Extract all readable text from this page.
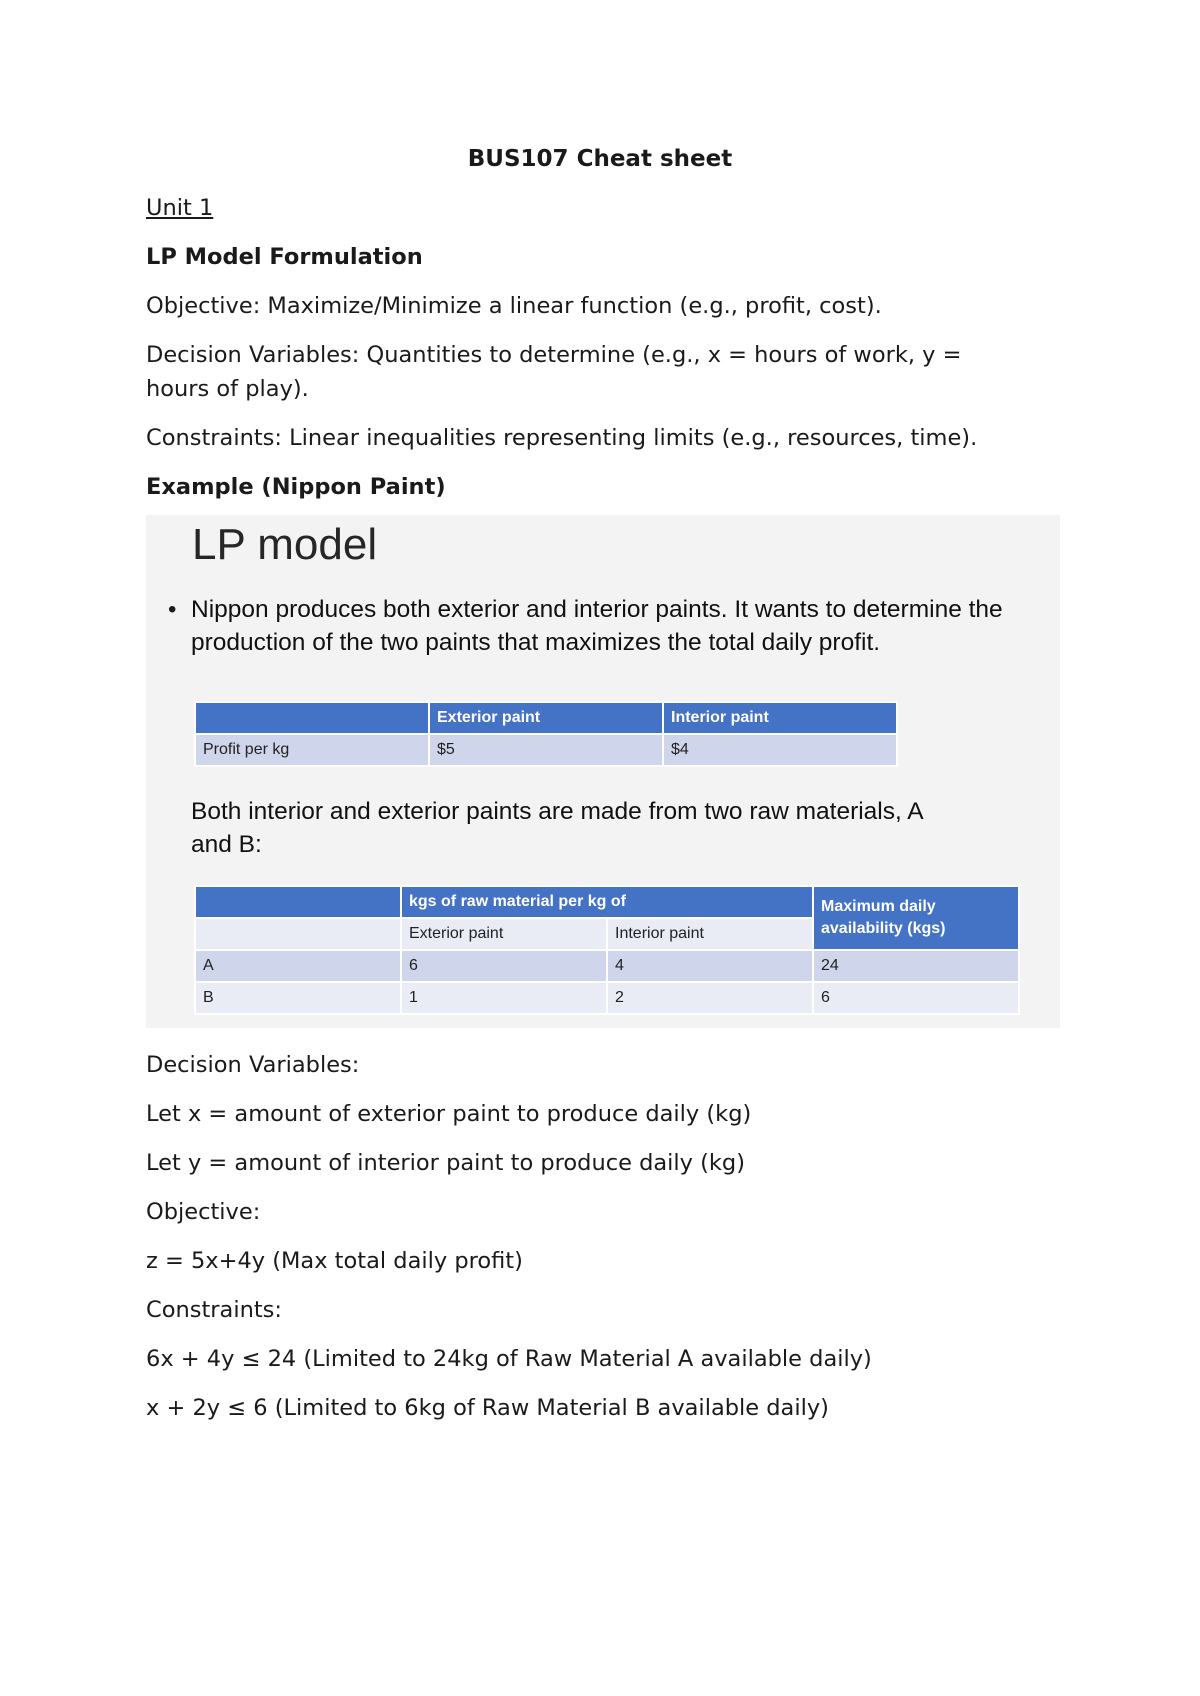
BUS107 Cheat sheet
Unit 1
LP Model Formulation
Objective: Maximize/Minimize a linear function (e.g., profit, cost).
Decision Variables: Quantities to determine (e.g., x = hours of work, y =
hours of play).
Constraints: Linear inequalities representing limits (e.g., resources, time).
Example (Nippon Paint)
LP model
• Nippon produces both exterior and interior paints. It wants to determine the production of the two paints that maximizes the total daily profit.
	Exterior paint	Interior paint
Profit per kg	$5	$4
Both interior and exterior paints are made from two raw materials, A and B:
	kgs of raw material per kg of		Maximum daily availability (kgs)
	Exterior paint	Interior paint	
A	6	4	24
B	1	2	6
Decision Variables:
Let x = amount of exterior paint to produce daily (kg)
Let y = amount of interior paint to produce daily (kg)
Objective:
z = 5x+4y (Max total daily profit)
Constraints:
6x + 4y ≤ 24 (Limited to 24kg of Raw Material A available daily)
x + 2y ≤ 6 (Limited to 6kg of Raw Material B available daily)
